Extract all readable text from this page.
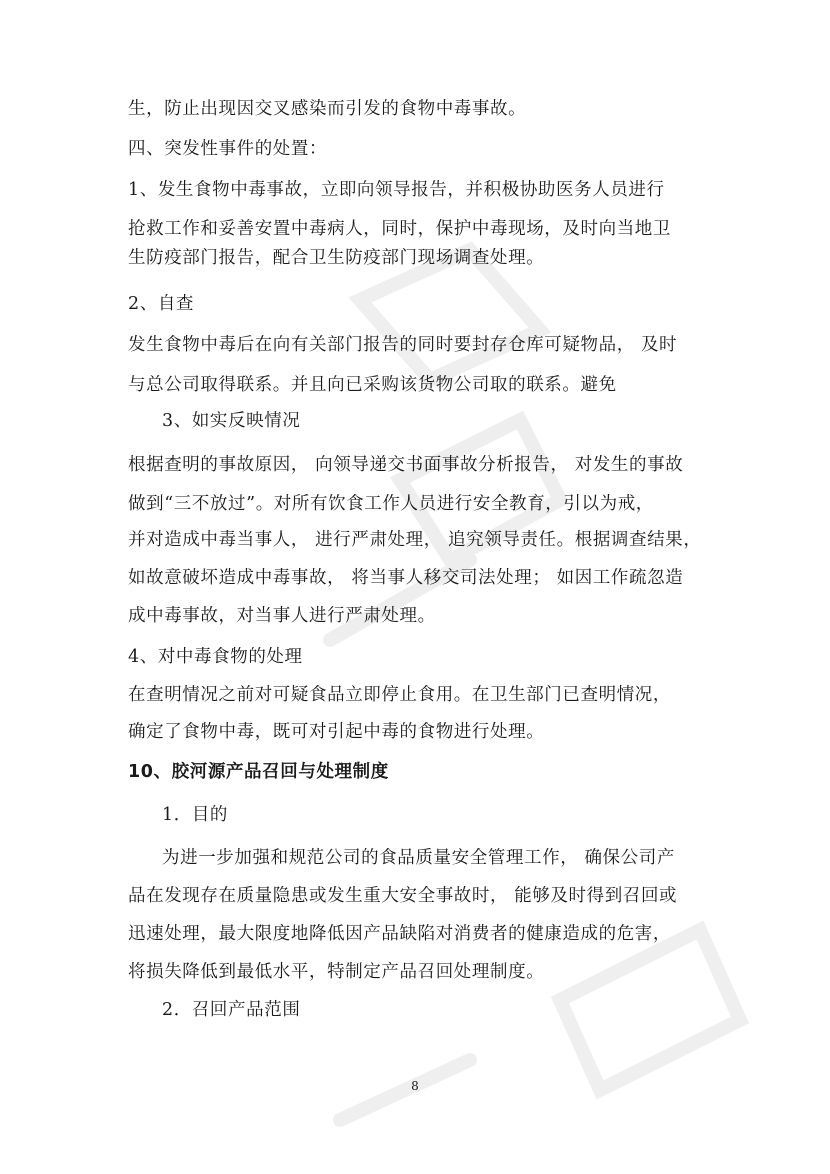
生，防止出现因交叉感染而引发的食物中毒事故。
四、突发性事件的处置：
1、发生食物中毒事故，立即向领导报告，并积极协助医务人员进行
抢救工作和妥善安置中毒病人，同时，保护中毒现场，及时向当地卫
生防疫部门报告，配合卫生防疫部门现场调查处理。
2、自查
发生食物中毒后在向有关部门报告的同时要封存仓库可疑物品， 及时
与总公司取得联系。并且向已采购该货物公司取的联系。避免
3、如实反映情况
根据查明的事故原因， 向领导递交书面事故分析报告， 对发生的事故
做到“三不放过”。对所有饮食工作人员进行安全教育，引以为戒，
并对造成中毒当事人， 进行严肃处理， 追究领导责任。根据调查结果，
如故意破坏造成中毒事故， 将当事人移交司法处理； 如因工作疏忽造
成中毒事故，对当事人进行严肃处理。
4、对中毒食物的处理
在查明情况之前对可疑食品立即停止食用。在卫生部门已查明情况，
确定了食物中毒，既可对引起中毒的食物进行处理。
10、胶河源产品召回与处理制度
1．目的
为进一步加强和规范公司的食品质量安全管理工作， 确保公司产
品在发现存在质量隐患或发生重大安全事故时， 能够及时得到召回或
迅速处理，最大限度地降低因产品缺陷对消费者的健康造成的危害，
将损失降低到最低水平，特制定产品召回处理制度。
2．召回产品范围
8
